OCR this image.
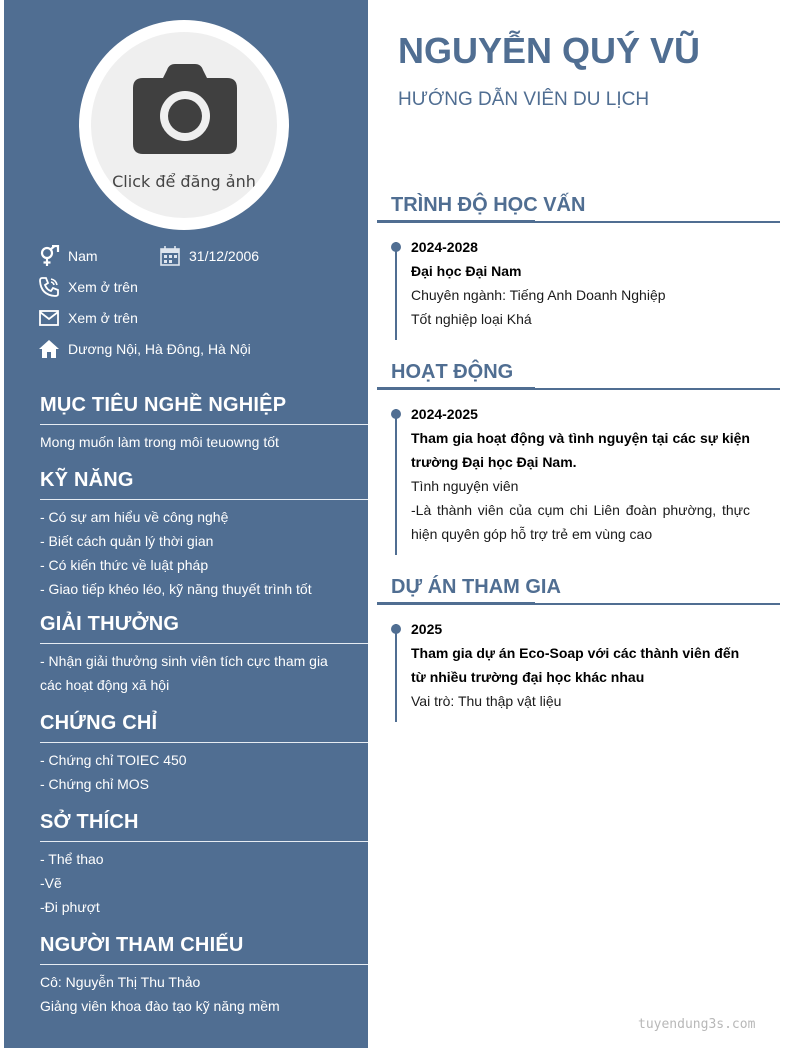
Click để đăng ảnh
Nam	31/12/2006
Xem ở trên
Xem ở trên
Dương Nội, Hà Đông, Hà Nội
MỤC TIÊU NGHỀ NGHIỆP
Mong muốn làm trong môi teuowng tốt
KỸ NĂNG
- Có sự am hiểu về công nghệ
- Biết cách quản lý thời gian
- Có kiến thức về luật pháp
- Giao tiếp khéo léo, kỹ năng thuyết trình tốt
GIẢI THƯỞNG
- Nhận giải thưởng sinh viên tích cực tham gia
các hoạt động xã hội
CHỨNG CHỈ
- Chứng chỉ TOIEC 450
- Chứng chỉ MOS
SỞ THÍCH
- Thể thao
-Vẽ
-Đi phượt
NGƯỜI THAM CHIẾU
Cô: Nguyễn Thị Thu Thảo
Giảng viên khoa đào tạo kỹ năng mềm
NGUYỄN QUÝ VŨ
HƯỚNG DẪN VIÊN DU LỊCH
TRÌNH ĐỘ HỌC VẤN
2024-2028
Đại học Đại Nam
Chuyên ngành: Tiếng Anh Doanh Nghiệp
Tốt nghiệp loại Khá
HOẠT ĐỘNG
2024-2025
Tham gia hoạt động và tình nguyện tại các sự kiện trường Đại học Đại Nam.
Tình nguyện viên
-Là thành viên của cụm chi Liên đoàn phường, thực hiện quyên góp hỗ trợ trẻ em vùng cao
DỰ ÁN THAM GIA
2025
Tham gia dự án Eco-Soap với các thành viên đến từ nhiều trường đại học khác nhau
Vai trò: Thu thập vật liệu
tuyendung3s.com
